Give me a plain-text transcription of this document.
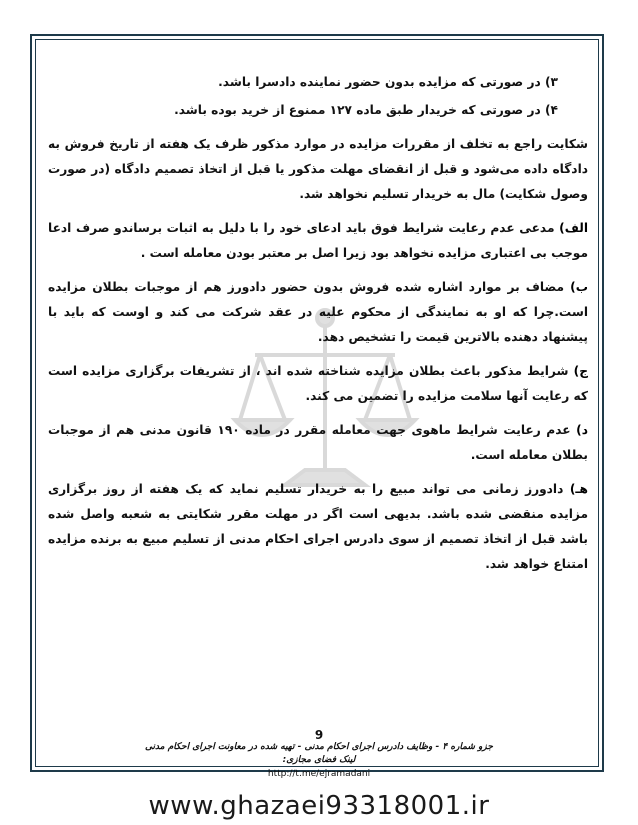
۳) در صورتی که مزایده بدون حضور نماینده دادسرا باشد.

۴) در صورتی که خریدار طبق ماده ۱۲۷ ممنوع از خرید بوده باشد.

شکایت راجع به تخلف از مقررات مزایده در موارد مذکور ظرف یک هفته از تاریخ فروش به دادگاه داده می‌شود و قبل از انقضای مهلت مذکور یا قبل از اتخاذ تصمیم دادگاه (در صورت وصول شکایت) مال به خریدار تسلیم نخواهد شد.

الف) مدعی عدم رعایت شرایط فوق باید ادعای خود را با دلیل به اثبات برساندو صرف ادعا موجب بی اعتباری مزایده نخواهد بود زیرا اصل بر معتبر بودن معامله است .

ب) مضاف بر موارد اشاره شده فروش بدون حضور دادورز هم از موجبات بطلان مزایده است.چرا که او به نمایندگی از محکوم علیه در عقد شرکت می کند و اوست که باید با پیشنهاد دهنده بالاترین قیمت را تشخیص دهد.

ج) شرایط مذکور باعث بطلان مزایده شناخته شده اند ، از تشریفات برگزاری مزایده است که رعایت آنها سلامت مزایده را تضمین می کند.

د) عدم رعایت شرایط ماهوی جهت معامله مقرر در ماده ۱۹۰ قانون مدنی هم از موجبات بطلان معامله است.

هـ) دادورز زمانی می تواند مبیع را به خریدار تسلیم نماید که یک هفته از روز برگزاری مزایده منقضی شده باشد. بدیهی است اگر در مهلت مقرر شکایتی به شعبه واصل شده باشد قبل از اتخاذ تصمیم از سوی دادرس اجرای احکام مدنی از تسلیم مبیع به برنده مزایده امتناع خواهد شد.

9
جزو شماره ۴ - وظایف دادرس اجرای احکام مدنی - تهیه شده در معاونت اجرای احکام مدنی
لینک فضای مجازی:
http://t.me/ejramadani
www.ghazaei93318001.ir
